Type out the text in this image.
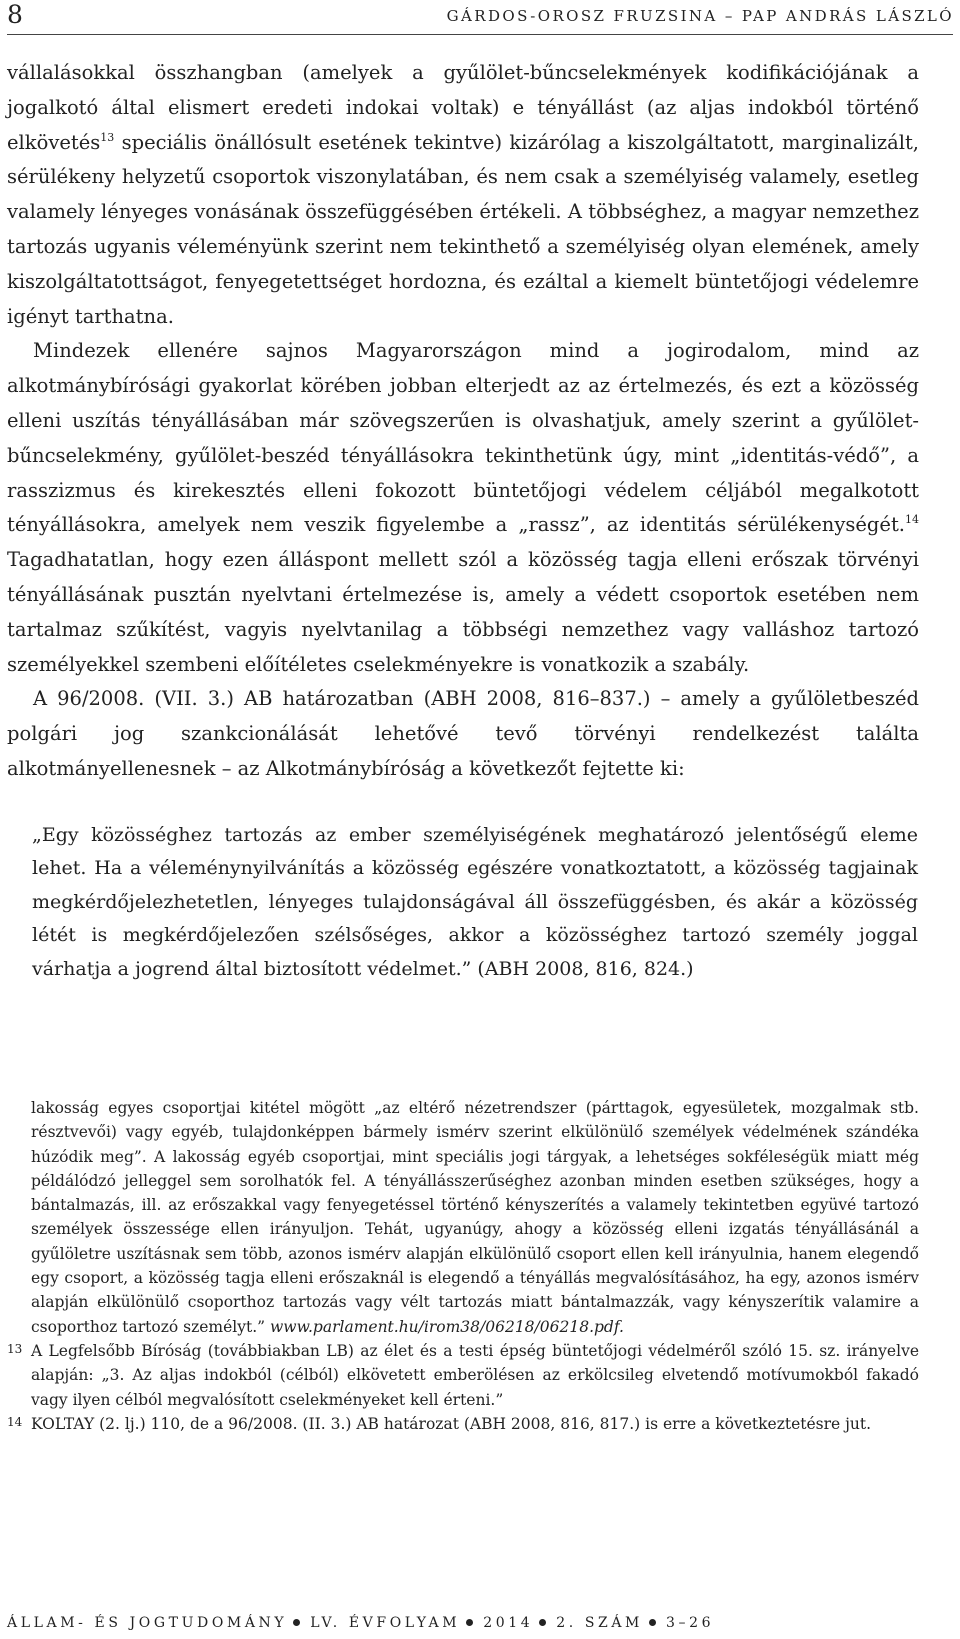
8	GÁRDOS-OROSZ FRUZSINA – PAP ANDRÁS LÁSZLÓ

vállalásokkal összhangban (amelyek a gyűlölet-bűncselekmények kodifikációjának a jogalkotó által elismert eredeti indokai voltak) e tényállást (az aljas indokból történő elkövetés$^{13}$ speciális önállósult esetének tekintve) kizárólag a kiszolgáltatott, marginalizált, sérülékeny helyzetű csoportok viszonylatában, és nem csak a személyiség valamely, esetleg valamely lényeges vonásának összefüggésében értékeli. A többséghez, a magyar nemzethez tartozás ugyanis véleményünk szerint nem tekinthető a személyiség olyan elemének, amely kiszolgáltatottságot, fenyegetettséget hordozna, és ezáltal a kiemelt büntetőjogi védelemre igényt tarthatna.

Mindezek ellenére sajnos Magyarországon mind a jogirodalom, mind az alkotmánybírósági gyakorlat körében jobban elterjedt az az értelmezés, és ezt a közösség elleni uszítás tényállásában már szövegszerűen is olvashatjuk, amely szerint a gyűlölet-bűncselekmény, gyűlölet-beszéd tényállásokra tekinthetünk úgy, mint „identitás-védő”, a rasszizmus és kirekesztés elleni fokozott büntetőjogi védelem céljából megalkotott tényállásokra, amelyek nem veszik figyelembe a „rassz”, az identitás sérülékenységét.$^{14}$ Tagadhatatlan, hogy ezen álláspont mellett szól a közösség tagja elleni erőszak törvényi tényállásának pusztán nyelvtani értelmezése is, amely a védett csoportok esetében nem tartalmaz szűkítést, vagyis nyelvtanilag a többségi nemzethez vagy valláshoz tartozó személyekkel szembeni előítéletes cselekményekre is vonatkozik a szabály.

A 96/2008. (VII. 3.) AB határozatban (ABH 2008, 816–837.) – amely a gyűlöletbeszéd polgári jog szankcionálását lehetővé tevő törvényi rendelkezést találta alkotmányellenesnek – az Alkotmánybíróság a következőt fejtette ki:

„Egy közösséghez tartozás az ember személyiségének meghatározó jelentőségű eleme lehet. Ha a véleménynyilvánítás a közösség egészére vonatkoztatott, a közösség tagjainak megkérdőjelezhetetlen, lényeges tulajdonságával áll összefüggésben, és akár a közösség létét is megkérdőjelezően szélsőséges, akkor a közösséghez tartozó személy joggal várhatja a jogrend által biztosított védelmet.” (ABH 2008, 816, 824.)

lakosság egyes csoportjai kitétel mögött „az eltérő nézetrendszer (párttagok, egyesületek, mozgalmak stb. résztvevői) vagy egyéb, tulajdonképpen bármely ismérv szerint elkülönülő személyek védelmének szándéka húzódik meg”. A lakosság egyéb csoportjai, mint speciális jogi tárgyak, a lehetséges sokféleségük miatt még példálódzó jelleggel sem sorolhatók fel. A tényállásszerűséghez azonban minden esetben szükséges, hogy a bántalmazás, ill. az erőszakkal vagy fenyegetéssel történő kényszerítés a valamely tekintetben együvé tartozó személyek összessége ellen irányuljon. Tehát, ugyanúgy, ahogy a közösség elleni izgatás tényállásánál a gyűlöletre uszításnak sem több, azonos ismérv alapján elkülönülő csoport ellen kell irányulnia, hanem elegendő egy csoport, a közösség tagja elleni erőszaknál is elegendő a tényállás megvalósításához, ha egy, azonos ismérv alapján elkülönülő csoporthoz tartozás vagy vélt tartozás miatt bántalmazzák, vagy kényszerítik valamire a csoporthoz tartozó személyt.” www.parlament.hu/irom38/06218/06218.pdf.

13 A Legfelsőbb Bíróság (továbbiakban LB) az élet és a testi épség büntetőjogi védelméről szóló 15. sz. irányelve alapján: „3. Az aljas indokból (célból) elkövetett emberölésen az erkölcsileg elvetendő motívumokból fakadó vagy ilyen célból megvalósított cselekményeket kell érteni.”

14 KOLTAY (2. lj.) 110, de a 96/2008. (II. 3.) AB határozat (ABH 2008, 816, 817.) is erre a következtetésre jut.

ÁLLAM- ÉS JOGTUDOMÁNY LV. ÉVFOLYAM 2014 2. SZÁM 3–26
